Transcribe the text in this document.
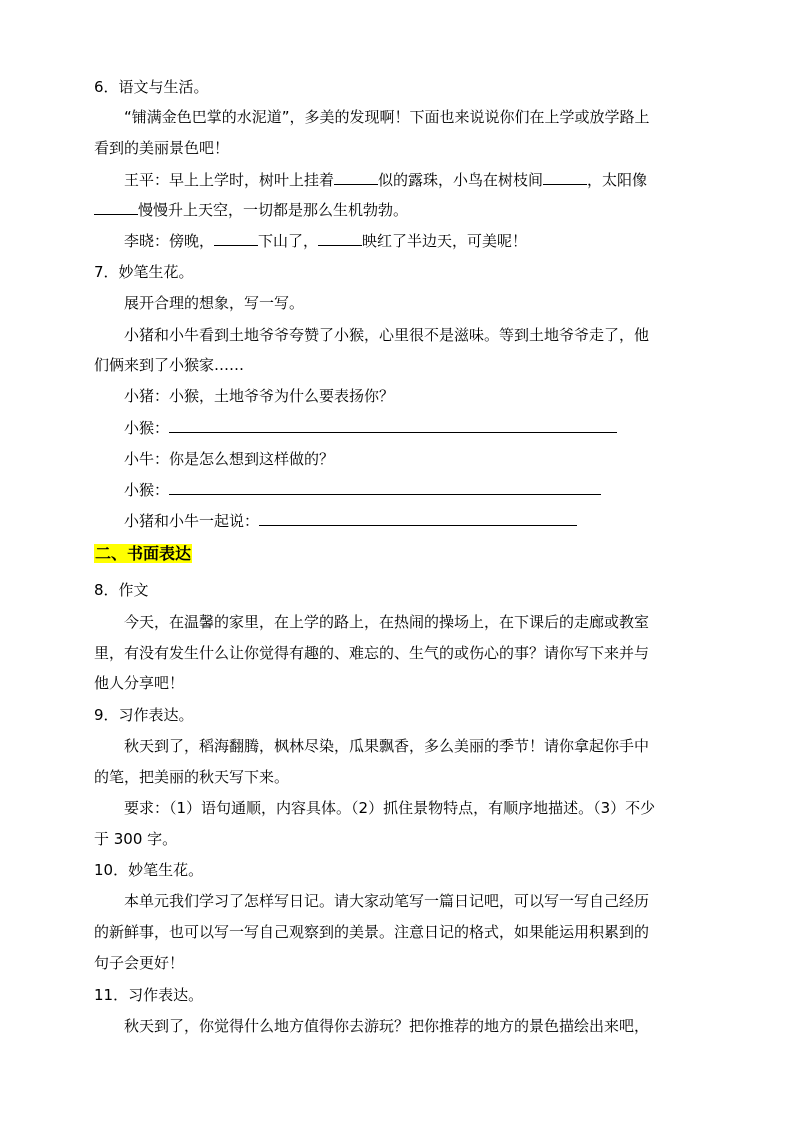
6．语文与生活。
“铺满金色巴掌的水泥道”，多美的发现啊！下面也来说说你们在上学或放学路上
看到的美丽景色吧！
王平：早上上学时，树叶上挂着	似的露珠，小鸟在树枝间	，太阳像
慢慢升上天空，一切都是那么生机勃勃。
李晓：傍晚，	下山了，	映红了半边天，可美呢！
7．妙笔生花。
展开合理的想象，写一写。
小猪和小牛看到土地爷爷夸赞了小猴，心里很不是滋味。等到土地爷爷走了，他
们俩来到了小猴家……
小猪：小猴，土地爷爷为什么要表扬你？
小猴：
小牛：你是怎么想到这样做的？
小猴：
小猪和小牛一起说：
二、书面表达
8．作文
今天，在温馨的家里，在上学的路上，在热闹的操场上，在下课后的走廊或教室
里，有没有发生什么让你觉得有趣的、难忘的、生气的或伤心的事？请你写下来并与
他人分享吧！
9．习作表达。
秋天到了，稻海翻腾，枫林尽染，瓜果飘香，多么美丽的季节！请你拿起你手中
的笔，把美丽的秋天写下来。
要求：（1）语句通顺，内容具体。（2）抓住景物特点，有顺序地描述。（3）不少
于 300 字。
10．妙笔生花。
本单元我们学习了怎样写日记。请大家动笔写一篇日记吧，可以写一写自己经历
的新鲜事，也可以写一写自己观察到的美景。注意日记的格式，如果能运用积累到的
句子会更好！
11．习作表达。
秋天到了，你觉得什么地方值得你去游玩？把你推荐的地方的景色描绘出来吧，
